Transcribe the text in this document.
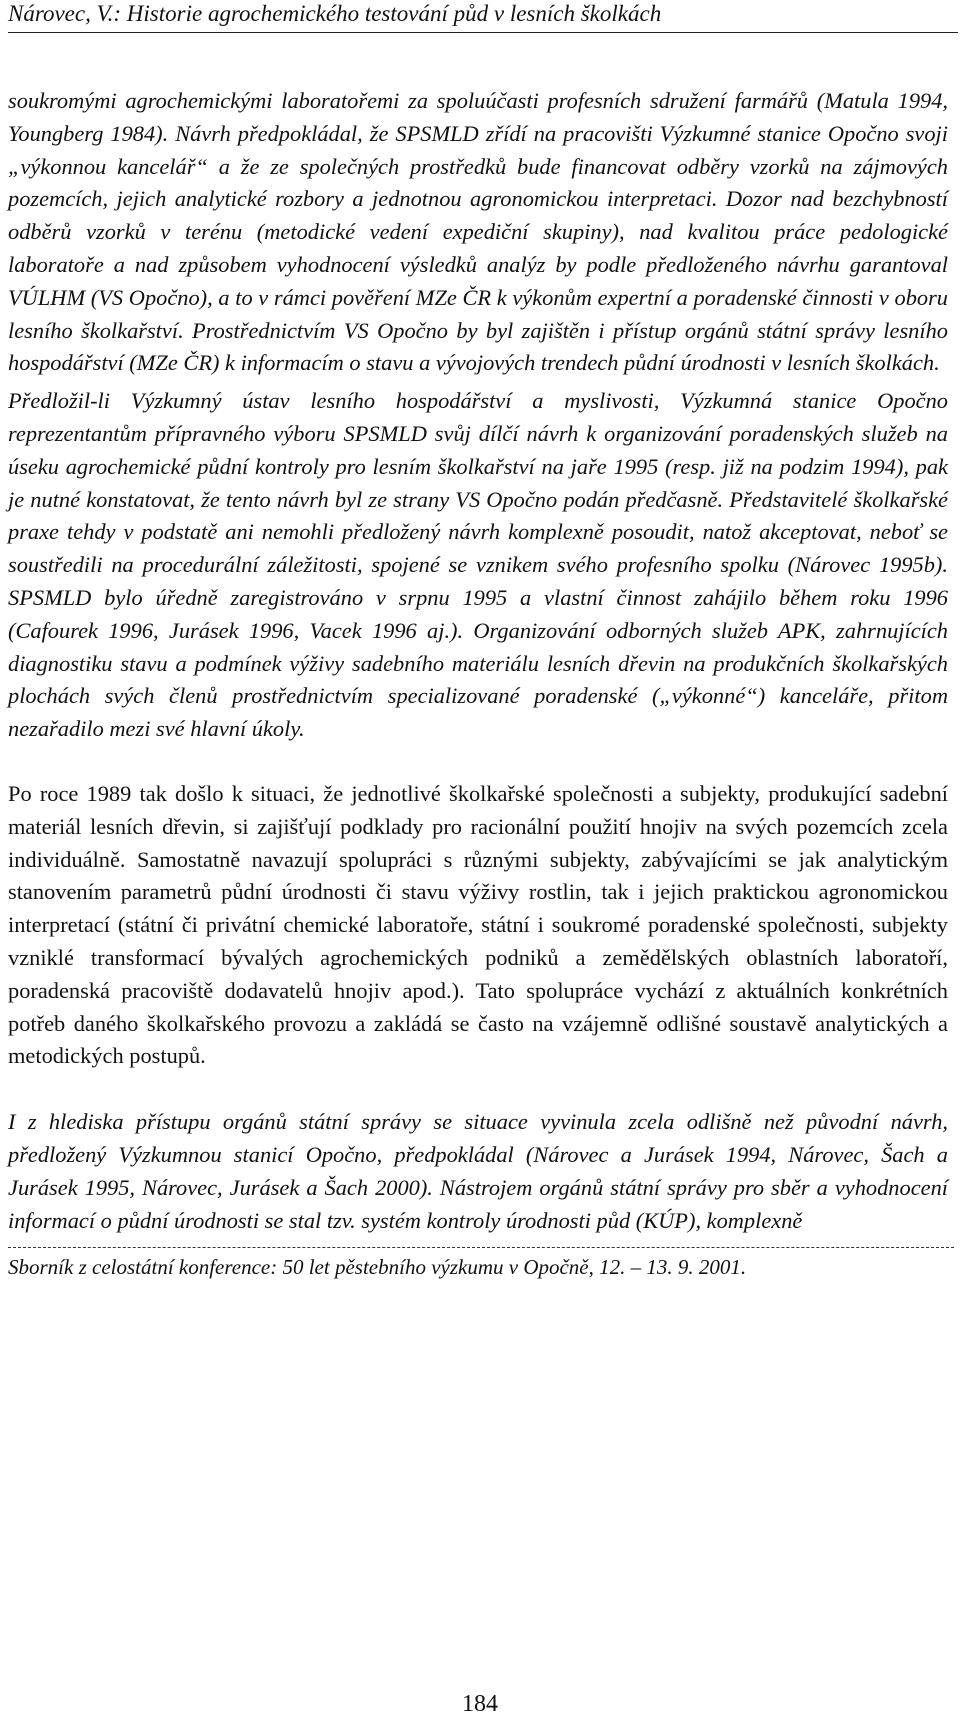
Nárovec, V.: Historie agrochemického testování půd v lesních školkách

soukromými agrochemickými laboratořemi za spoluúčasti profesních sdružení farmářů (Matula 1994, Youngberg 1984). Návrh předpokládal, že SPSMLD zřídí na pracovišti Výzkumné stanice Opočno svoji „výkonnou kancelář“ a že ze společných prostředků bude financovat odběry vzorků na zájmových pozemcích, jejich analytické rozbory a jednotnou agronomickou interpretaci. Dozor nad bezchybností odběrů vzorků v terénu (metodické vedení expediční skupiny), nad kvalitou práce pedologické laboratoře a nad způsobem vyhodnocení výsledků analýz by podle předloženého návrhu garantoval VÚLHM (VS Opočno), a to v rámci pověření MZe ČR k výkonům expertní a poradenské činnosti v oboru lesního školkařství. Prostřednictvím VS Opočno by byl zajištěn i přístup orgánů státní správy lesního hospodářství (MZe ČR) k informacím o stavu a vývojových trendech půdní úrodnosti v lesních školkách.

Předložil-li Výzkumný ústav lesního hospodářství a myslivosti, Výzkumná stanice Opočno reprezentantům přípravného výboru SPSMLD svůj dílčí návrh k organizování poradenských služeb na úseku agrochemické půdní kontroly pro lesním školkařství na jaře 1995 (resp. již na podzim 1994), pak je nutné konstatovat, že tento návrh byl ze strany VS Opočno podán předčasně. Představitelé školkařské praxe tehdy v podstatě ani nemohli předložený návrh komplexně posoudit, natož akceptovat, neboť se soustředili na procedurální záležitosti, spojené se vznikem svého profesního spolku (Nárovec 1995b). SPSMLD bylo úředně zaregistrováno v srpnu 1995 a vlastní činnost zahájilo během roku 1996 (Cafourek 1996, Jurásek 1996, Vacek 1996 aj.). Organizování odborných služeb APK, zahrnujících diagnostiku stavu a podmínek výživy sadebního materiálu lesních dřevin na produkčních školkařských plochách svých členů prostřednictvím specializované poradenské („výkonné“) kanceláře, přitom nezařadilo mezi své hlavní úkoly.

Po roce 1989 tak došlo k situaci, že jednotlivé školkařské společnosti a subjekty, produkující sadební materiál lesních dřevin, si zajišťují podklady pro racionální použití hnojiv na svých pozemcích zcela individuálně. Samostatně navazují spolupráci s různými subjekty, zabývajícími se jak analytickým stanovením parametrů půdní úrodnosti či stavu výživy rostlin, tak i jejich praktickou agronomickou interpretací (státní či privátní chemické laboratoře, státní i soukromé poradenské společnosti, subjekty vzniklé transformací bývalých agrochemických podniků a zemědělských oblastních laboratoří, poradenská pracoviště dodavatelů hnojiv apod.). Tato spolupráce vychází z aktuálních konkrétních potřeb daného školkařského provozu a zakládá se často na vzájemně odlišné soustavě analytických a metodických postupů.

I z hlediska přístupu orgánů státní správy se situace vyvinula zcela odlišně než původní návrh, předložený Výzkumnou stanicí Opočno, předpokládal (Nárovec a Jurásek 1994, Nárovec, Šach a Jurásek 1995, Nárovec, Jurásek a Šach 2000). Nástrojem orgánů státní správy pro sběr a vyhodnocení informací o půdní úrodnosti se stal tzv. systém kontroly úrodnosti půd (KÚP), komplexně

Sborník z celostátní konference: 50 let pěstebního výzkumu v Opočně, 12. – 13. 9. 2001.

184
